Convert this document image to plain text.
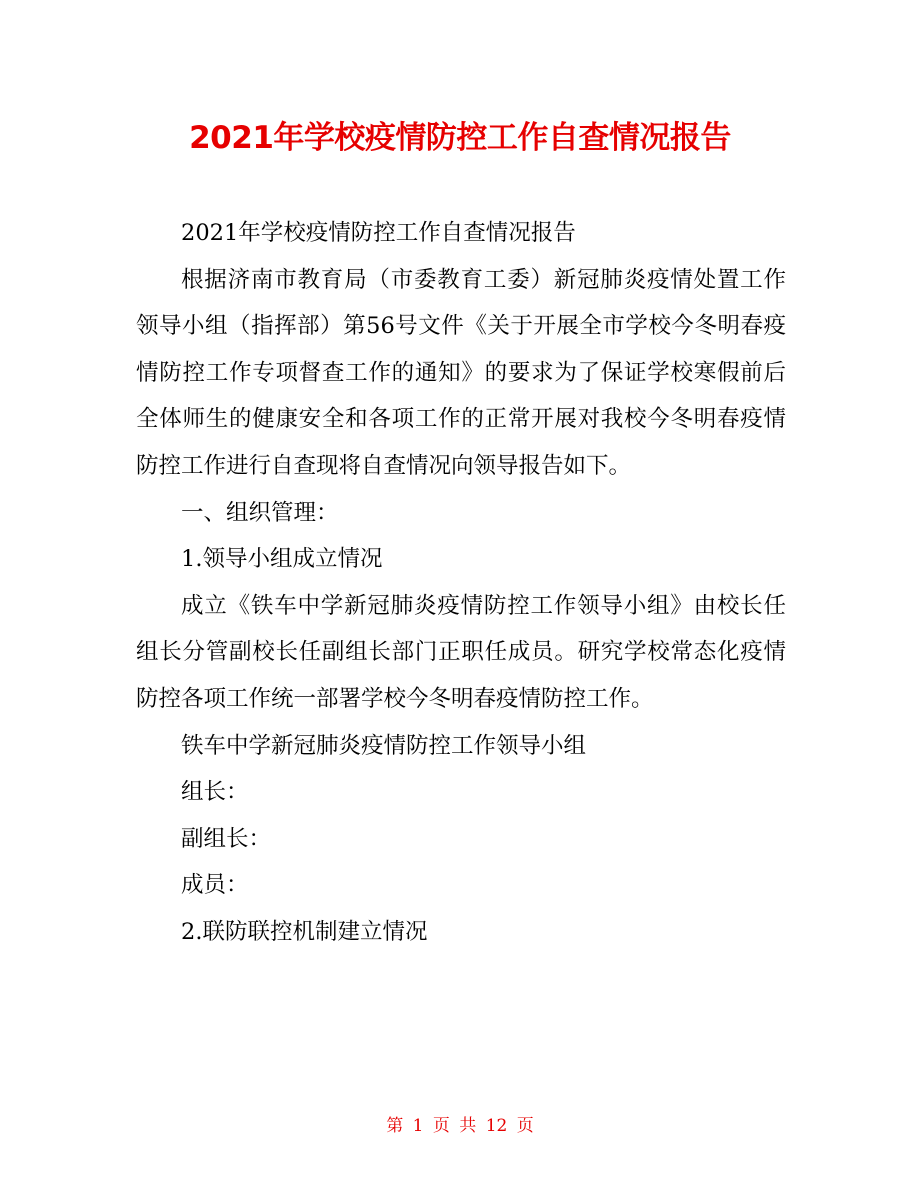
2021年学校疫情防控工作自查情况报告

2021年学校疫情防控工作自查情况报告

根据济南市教育局（市委教育工委）新冠肺炎疫情处置工作领导小组（指挥部）第56号文件《关于开展全市学校今冬明春疫情防控工作专项督查工作的通知》的要求为了保证学校寒假前后全体师生的健康安全和各项工作的正常开展对我校今冬明春疫情防控工作进行自查现将自查情况向领导报告如下。

一、组织管理：

1.领导小组成立情况

成立《铁车中学新冠肺炎疫情防控工作领导小组》由校长任组长分管副校长任副组长部门正职任成员。研究学校常态化疫情防控各项工作统一部署学校今冬明春疫情防控工作。

铁车中学新冠肺炎疫情防控工作领导小组

组长：

副组长：

成员：

2.联防联控机制建立情况

第 1 页 共 12 页
